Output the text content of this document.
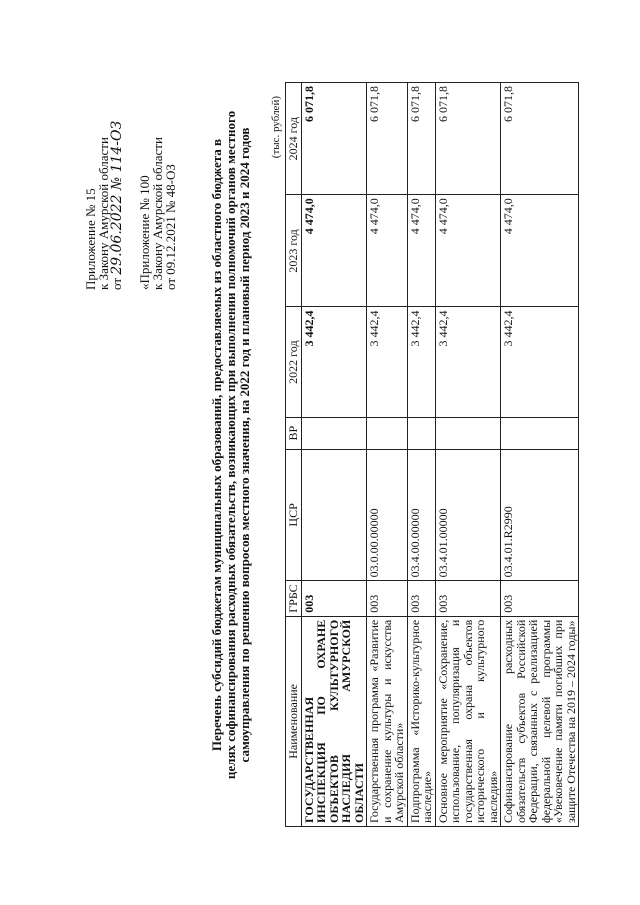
Приложение № 15
к Закону Амурской области
от 29.06.2022 № 114-ОЗ «Приложение № 100
к Закону Амурской области
от 09.12.2021 № 48-ОЗ Перечень субсидий бюджетам муниципальных образований, предоставляемых из областного бюджета в целях софинансирования расходных обязательств, возникающих при выполнении полномочий органов местного самоуправления по решению вопросов местного значения, на 2022 год и плановый период 2023 и 2024 годов
(тыс. рублей)
Наименование	ГРБС	ЦСР	ВР	2022 год	2023 год	2024 год
ГОСУДАРСТВЕННАЯ ИНСПЕКЦИЯ ПО ОХРАНЕ ОБЪЕКТОВ КУЛЬТУРНОГО НАСЛЕДИЯ АМУРСКОЙ ОБЛАСТИ	003			3 442,4	4 474,0	6 071,8
Государственная программа «Развитие и сохранение культуры и искусства Амурской области»	003	03.0.00.00000		3 442,4	4 474,0	6 071,8
Подпрограмма «Историко-культурное наследие»	003	03.4.00.00000		3 442,4	4 474,0	6 071,8
Основное мероприятие «Сохранение, использование, популяризация и государственная охрана объектов исторического и культурного наследия»	003	03.4.01.00000		3 442,4	4 474,0	6 071,8
Софинансирование расходных обязательств субъектов Российской Федерации, связанных с реализацией федеральной целевой программы «Увековечение памяти погибших при защите Отечества на 2019 – 2024 годы»	003	03.4.01.R2990		3 442,4	4 474,0	6 071,8
